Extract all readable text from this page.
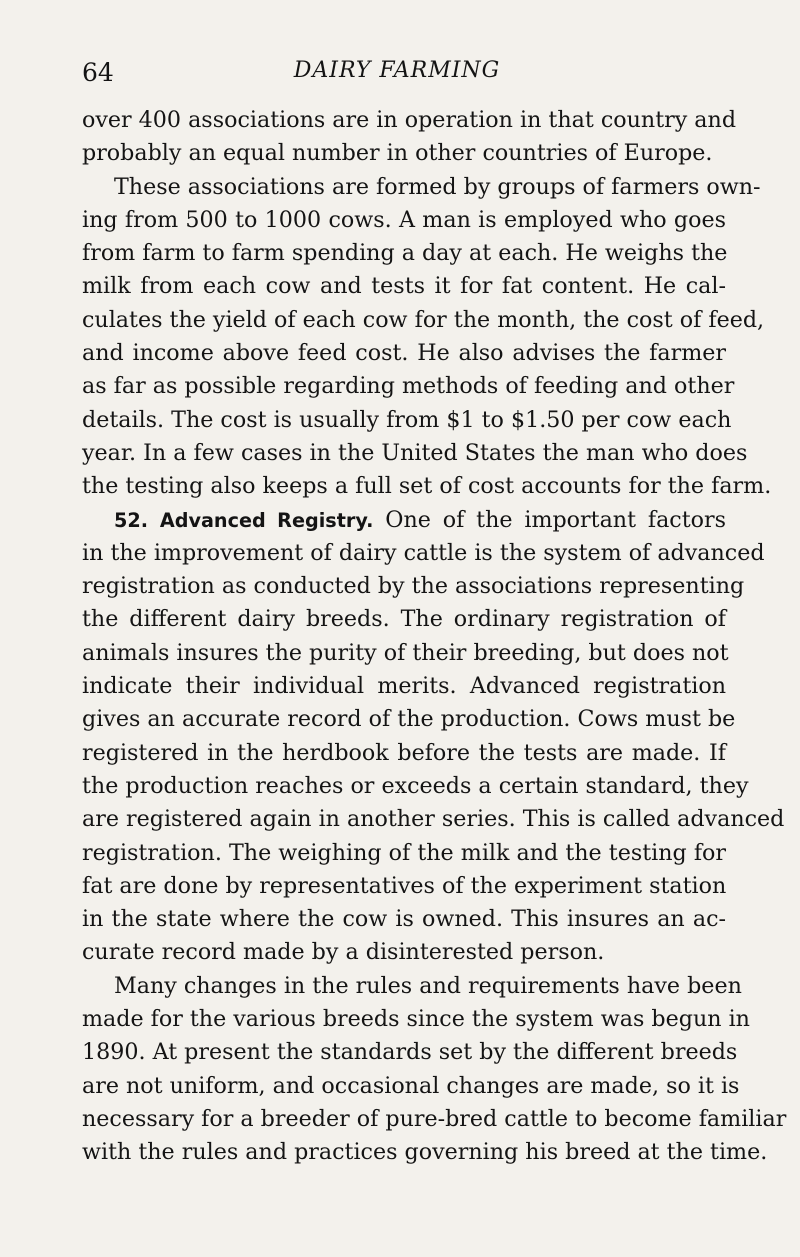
64	DAIRY FARMING
over 400 associations are in operation in that country and
probably an equal number in other countries of Europe.
These associations are formed by groups of farmers own-
ing from 500 to 1000 cows. A man is employed who goes
from farm to farm spending a day at each. He weighs the
milk from each cow and tests it for fat content. He cal-
culates the yield of each cow for the month, the cost of feed,
and income above feed cost. He also advises the farmer
as far as possible regarding methods of feeding and other
details. The cost is usually from $1 to $1.50 per cow each
year. In a few cases in the United States the man who does
the testing also keeps a full set of cost accounts for the farm.
52. Advanced Registry. One of the important factors
in the improvement of dairy cattle is the system of advanced
registration as conducted by the associations representing
the different dairy breeds. The ordinary registration of
animals insures the purity of their breeding, but does not
indicate their individual merits. Advanced registration
gives an accurate record of the production. Cows must be
registered in the herdbook before the tests are made. If
the production reaches or exceeds a certain standard, they
are registered again in another series. This is called advanced
registration. The weighing of the milk and the testing for
fat are done by representatives of the experiment station
in the state where the cow is owned. This insures an ac-
curate record made by a disinterested person.
Many changes in the rules and requirements have been
made for the various breeds since the system was begun in
1890. At present the standards set by the different breeds
are not uniform, and occasional changes are made, so it is
necessary for a breeder of pure-bred cattle to become familiar
with the rules and practices governing his breed at the time.
